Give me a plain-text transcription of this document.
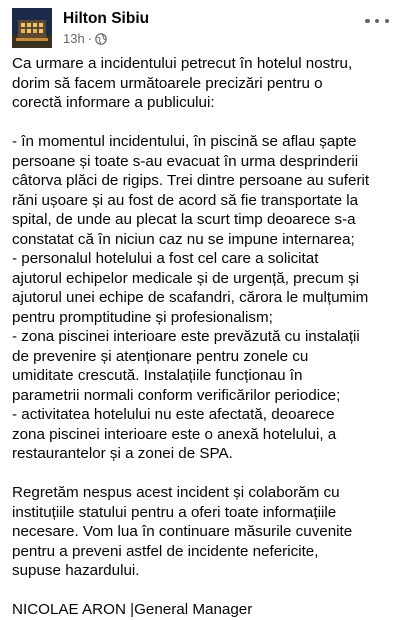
Hilton Sibiu
13h ·
Ca urmare a incidentului petrecut în hotelul nostru,
dorim să facem următoarele precizări pentru o
corectă informare a publicului:
- în momentul incidentului, în piscină se aflau șapte
persoane și toate s-au evacuat în urma desprinderii
câtorva plăci de rigips. Trei dintre persoane au suferit
răni ușoare și au fost de acord să fie transportate la
spital, de unde au plecat la scurt timp deoarece s-a
constatat că în niciun caz nu se impune internarea;
- personalul hotelului a fost cel care a solicitat
ajutorul echipelor medicale și de urgență, precum și
ajutorul unei echipe de scafandri, cărora le mulțumim
pentru promptitudine și profesionalism;
- zona piscinei interioare este prevăzută cu instalații
de prevenire și atenționare pentru zonele cu
umiditate crescută. Instalațiile funcționau în
parametrii normali conform verificărilor periodice;
- activitatea hotelului nu este afectată, deoarece
zona piscinei interioare este o anexă hotelului, a
restaurantelor și a zonei de SPA.
Regretăm nespus acest incident și colaborăm cu
instituțiile statului pentru a oferi toate informațiile
necesare. Vom lua în continuare măsurile cuvenite
pentru a preveni astfel de incidente nefericite,
supuse hazardului.
NICOLAE ARON |General Manager
